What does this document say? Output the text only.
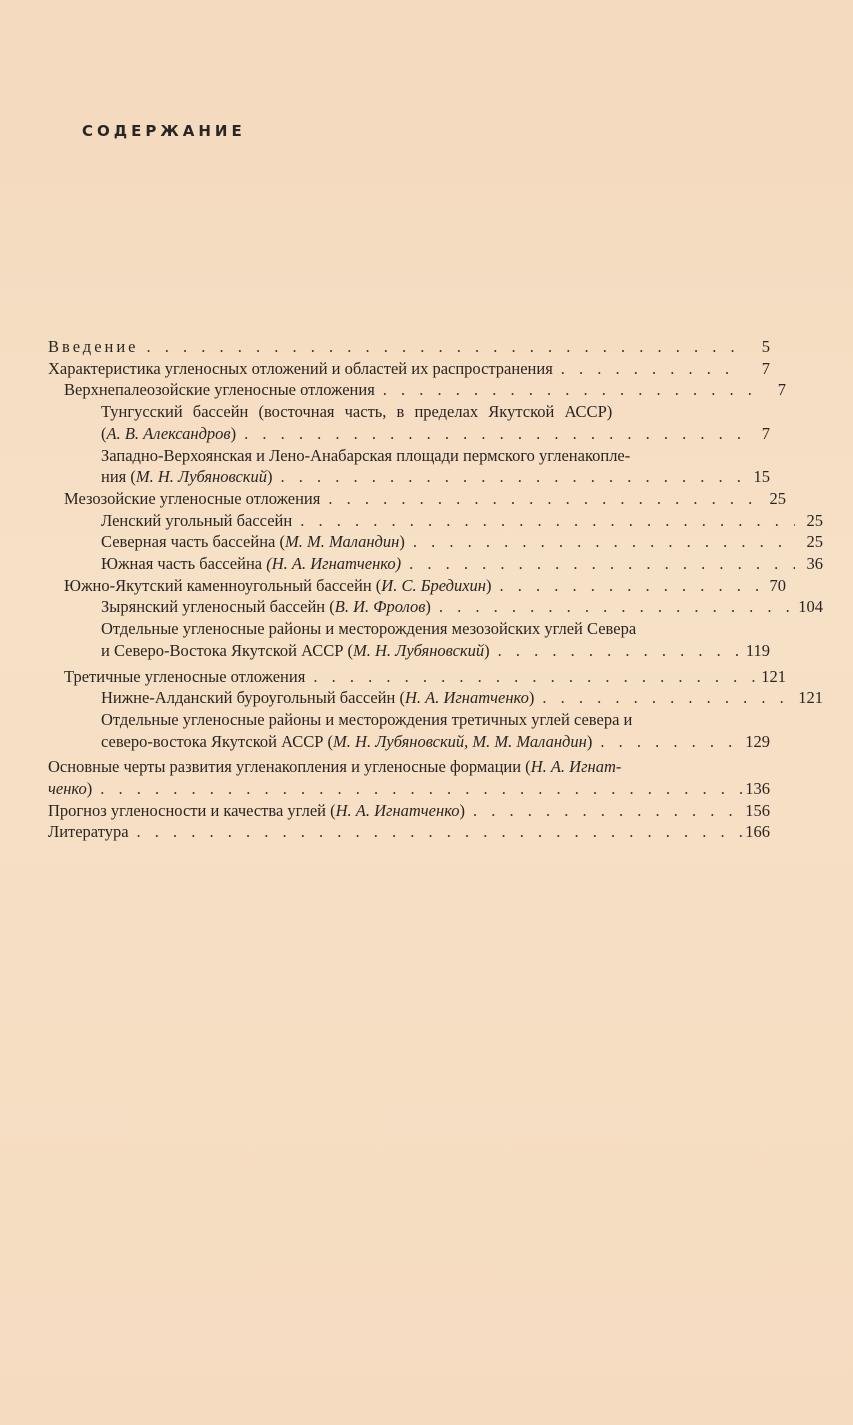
СОДЕРЖАНИЕ
Введение . . .	5
Характеристика угленосных отложений и областей их распространения . . .	7
Верхнепалеозойские угленосные отложения . . .	7
Тунгусский бассейн (восточная часть, в пределах Якутской АССР)
(А. В. Александров) . . .	7
Западно-Верхоянская и Лено-Анабарская площади пермского угленакопле-
ния (М. Н. Лубяновский) . . .	15
Мезозойские угленосные отложения . . .	25
Ленский угольный бассейн . . .	25
Северная часть бассейна (М. М. Маландин) . . .	25
Южная часть бассейна (Н. А. Игнатченко) . . .	36
Южно-Якутский каменноугольный бассейн (И. С. Бредихин) . . .	70
Зырянский угленосный бассейн (В. И. Фролов) . . .	104
Отдельные угленосные районы и месторождения мезозойских углей Севера
и Северо-Востока Якутской АССР (М. Н. Лубяновский) . . .	119
Третичные угленосные отложения . . .	121
Нижне-Алданский буроугольный бассейн (Н. А. Игнатченко) . . .	121
Отдельные угленосные районы и месторождения третичных углей севера и
северо-востока Якутской АССР (М. Н. Лубяновский, М. М. Маландин) . . .	129
Основные черты развития угленакопления и угленосные формации (Н. А. Игнат-
ченко) . . .	136
Прогноз угленосности и качества углей (Н. А. Игнатченко) . . .	156
Литература . . .	166
